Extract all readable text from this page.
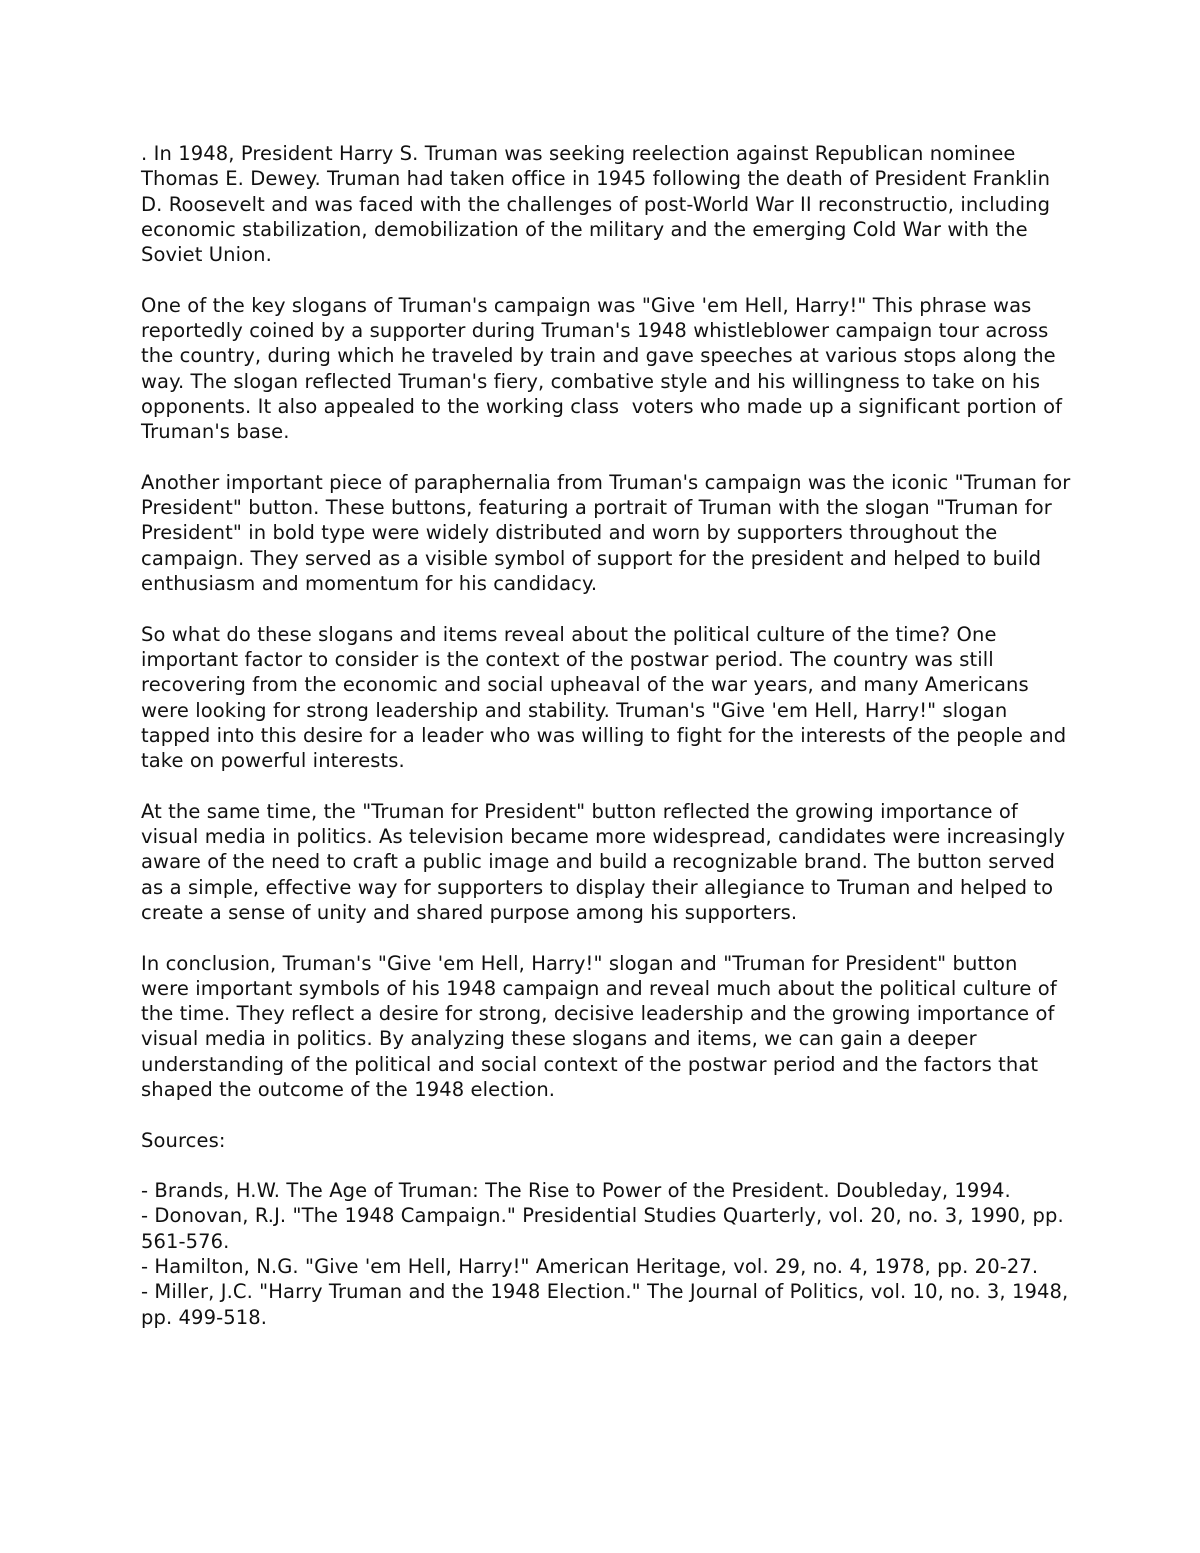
. In 1948, President Harry S. Truman was seeking reelection against Republican nominee Thomas E. Dewey. Truman had taken office in 1945 following the death of President Franklin D. Roosevelt and was faced with the challenges of post-World War II reconstructio, including economic stabilization, demobilization of the military and the emerging Cold War with the Soviet Union.

One of the key slogans of Truman's campaign was "Give 'em Hell, Harry!" This phrase was reportedly coined by a supporter during Truman's 1948 whistleblower campaign tour across the country, during which he traveled by train and gave speeches at various stops along the way. The slogan reflected Truman's fiery, combative style and his willingness to take on his opponents. It also appealed to the working class  voters who made up a significant portion of Truman's base.

Another important piece of paraphernalia from Truman's campaign was the iconic "Truman for President" button. These buttons, featuring a portrait of Truman with the slogan "Truman for President" in bold type were widely distributed and worn by supporters throughout the campaign. They served as a visible symbol of support for the president and helped to build enthusiasm and momentum for his candidacy.

So what do these slogans and items reveal about the political culture of the time? One important factor to consider is the context of the postwar period. The country was still recovering from the economic and social upheaval of the war years, and many Americans were looking for strong leadership and stability. Truman's "Give 'em Hell, Harry!" slogan tapped into this desire for a leader who was willing to fight for the interests of the people and take on powerful interests.

At the same time, the "Truman for President" button reflected the growing importance of visual media in politics. As television became more widespread, candidates were increasingly aware of the need to craft a public image and build a recognizable brand. The button served as a simple, effective way for supporters to display their allegiance to Truman and helped to create a sense of unity and shared purpose among his supporters.

In conclusion, Truman's "Give 'em Hell, Harry!" slogan and "Truman for President" button were important symbols of his 1948 campaign and reveal much about the political culture of the time. They reflect a desire for strong, decisive leadership and the growing importance of visual media in politics. By analyzing these slogans and items, we can gain a deeper understanding of the political and social context of the postwar period and the factors that shaped the outcome of the 1948 election.

Sources:

- Brands, H.W. The Age of Truman: The Rise to Power of the President. Doubleday, 1994.
- Donovan, R.J. "The 1948 Campaign." Presidential Studies Quarterly, vol. 20, no. 3, 1990, pp. 561-576.
- Hamilton, N.G. "Give 'em Hell, Harry!" American Heritage, vol. 29, no. 4, 1978, pp. 20-27.
- Miller, J.C. "Harry Truman and the 1948 Election." The Journal of Politics, vol. 10, no. 3, 1948, pp. 499-518.
